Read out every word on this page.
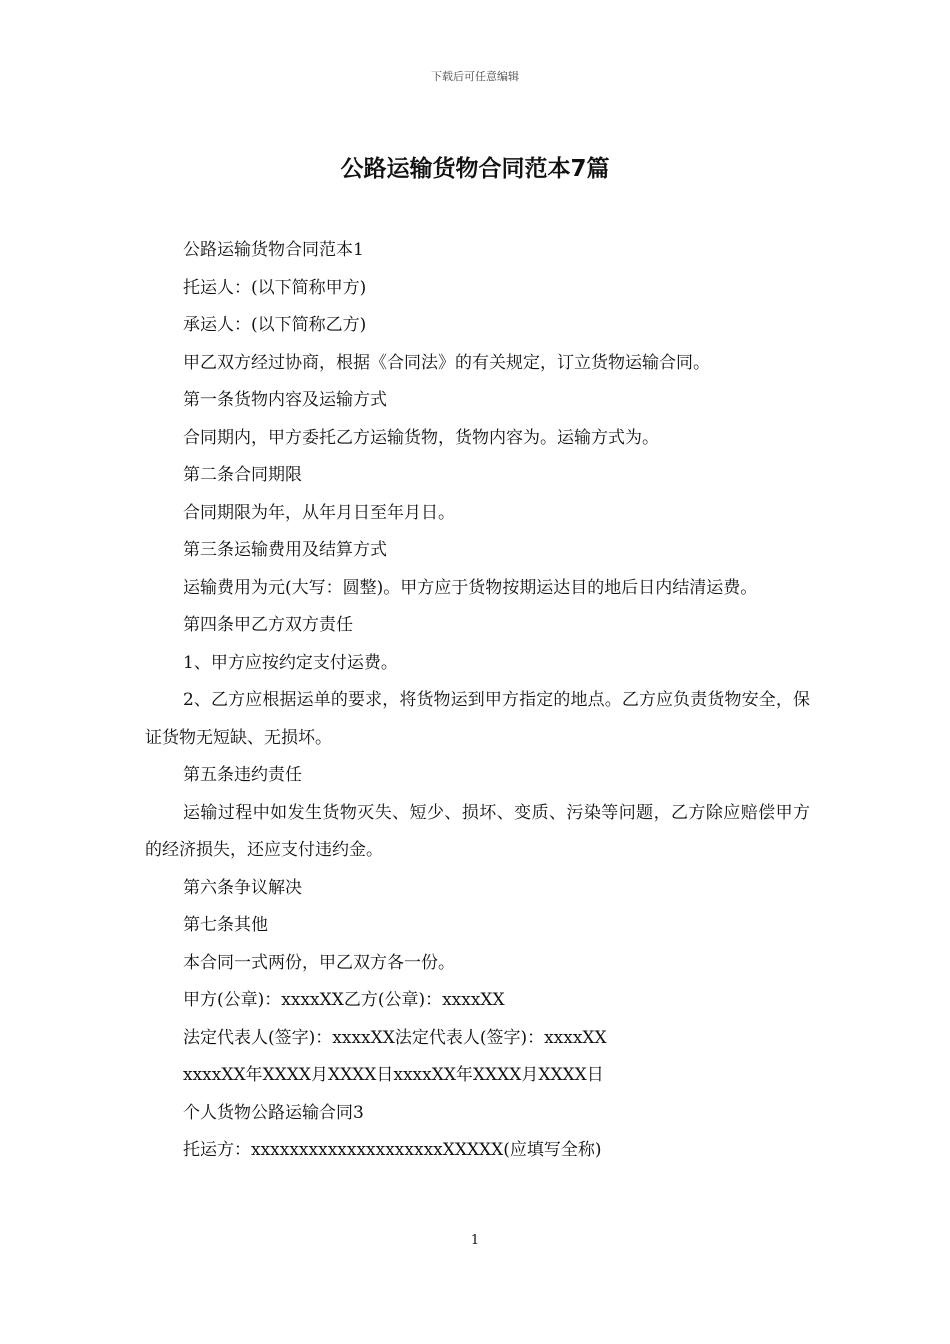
下载后可任意编辑
公路运输货物合同范本7篇

公路运输货物合同范本1

托运人：(以下简称甲方)

承运人：(以下简称乙方)

甲乙双方经过协商，根据《合同法》的有关规定，订立货物运输合同。

第一条货物内容及运输方式

合同期内，甲方委托乙方运输货物，货物内容为。运输方式为。

第二条合同期限

合同期限为年，从年月日至年月日。

第三条运输费用及结算方式

运输费用为元(大写：圆整)。甲方应于货物按期运达目的地后日内结清运费。

第四条甲乙方双方责任

1、甲方应按约定支付运费。

2、乙方应根据运单的要求，将货物运到甲方指定的地点。乙方应负责货物安全，保证货物无短缺、无损坏。

第五条违约责任

运输过程中如发生货物灭失、短少、损坏、变质、污染等问题，乙方除应赔偿甲方的经济损失，还应支付违约金。

第六条争议解决

第七条其他

本合同一式两份，甲乙双方各一份。

甲方(公章)：xxxxXX乙方(公章)：xxxxXX

法定代表人(签字)：xxxxXX法定代表人(签字)：xxxxXX

xxxxXX年XXXX月XXXX日xxxxXX年XXXX月XXXX日

个人货物公路运输合同3

托运方：xxxxxxxxxxxxxxxxxxxxXXXXX(应填写全称)

1
